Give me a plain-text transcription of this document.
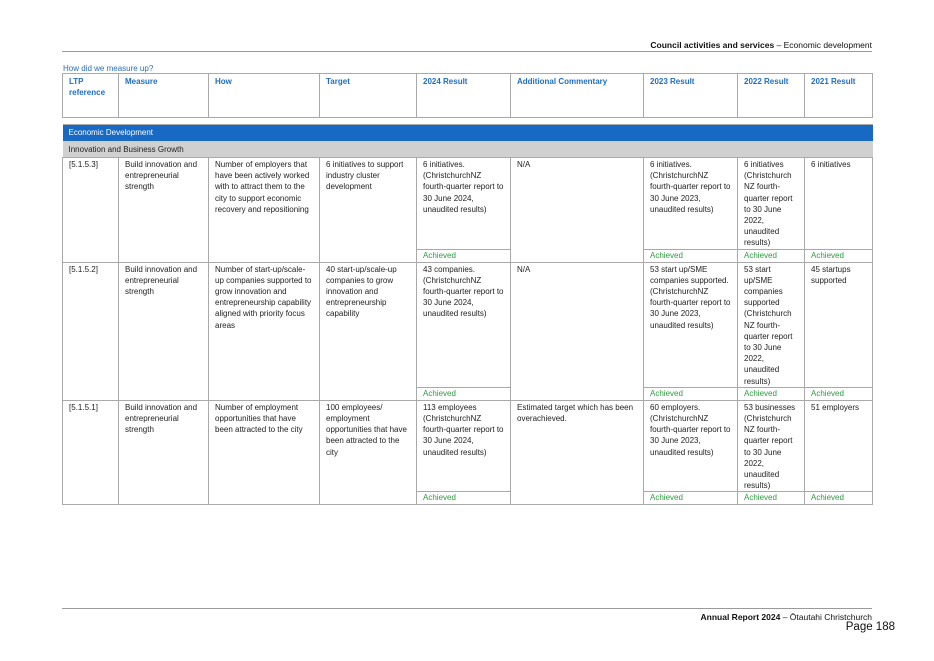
Council activities and services – Economic development
How did we measure up?
LTP reference	Measure	How	Target	2024 Result	Additional Commentary	2023 Result	2022 Result	2021 Result

Economic Development								
Innovation and Business Growth								
[5.1.5.3]	Build innovation and entrepreneurial strength	Number of employers that have been actively worked with to attract them to the city to support economic recovery and repositioning	6 initiatives to support industry cluster development	6 initiatives. (ChristchurchNZ fourth-quarter report to 30 June 2024, unaudited results)	N/A	6 initiatives. (ChristchurchNZ fourth-quarter report to 30 June 2023, unaudited results)	6 initiatives (Christchurch NZ fourth-quarter report to 30 June 2022, unaudited results)	6 initiatives
				Achieved		Achieved	Achieved	Achieved
[5.1.5.2]	Build innovation and entrepreneurial strength	Number of start-up/scale-up companies supported to grow innovation and entrepreneurship capability aligned with priority focus areas	40 start-up/scale-up companies to grow innovation and entrepreneurship capability	43 companies. (ChristchurchNZ fourth-quarter report to 30 June 2024, unaudited results)	N/A	53 start up/SME companies supported. (ChristchurchNZ fourth-quarter report to 30 June 2023, unaudited results)	53 start up/SME companies supported (Christchurch NZ fourth-quarter report to 30 June 2022, unaudited results)	45 startups supported
				Achieved		Achieved	Achieved	Achieved
[5.1.5.1]	Build innovation and entrepreneurial strength	Number of employment opportunities that have been attracted to the city	100 employees/ employment opportunities that have been attracted to the city	113 employees (ChristchurchNZ fourth-quarter report to 30 June 2024, unaudited results)	Estimated target which has been overachieved.	60 employers. (ChristchurchNZ fourth-quarter report to 30 June 2023, unaudited results)	53 businesses (Christchurch NZ fourth-quarter report to 30 June 2022, unaudited results)	51 employers
				Achieved		Achieved	Achieved	Achieved
Annual Report 2024 – Ōtautahi Christchurch
Page 188
